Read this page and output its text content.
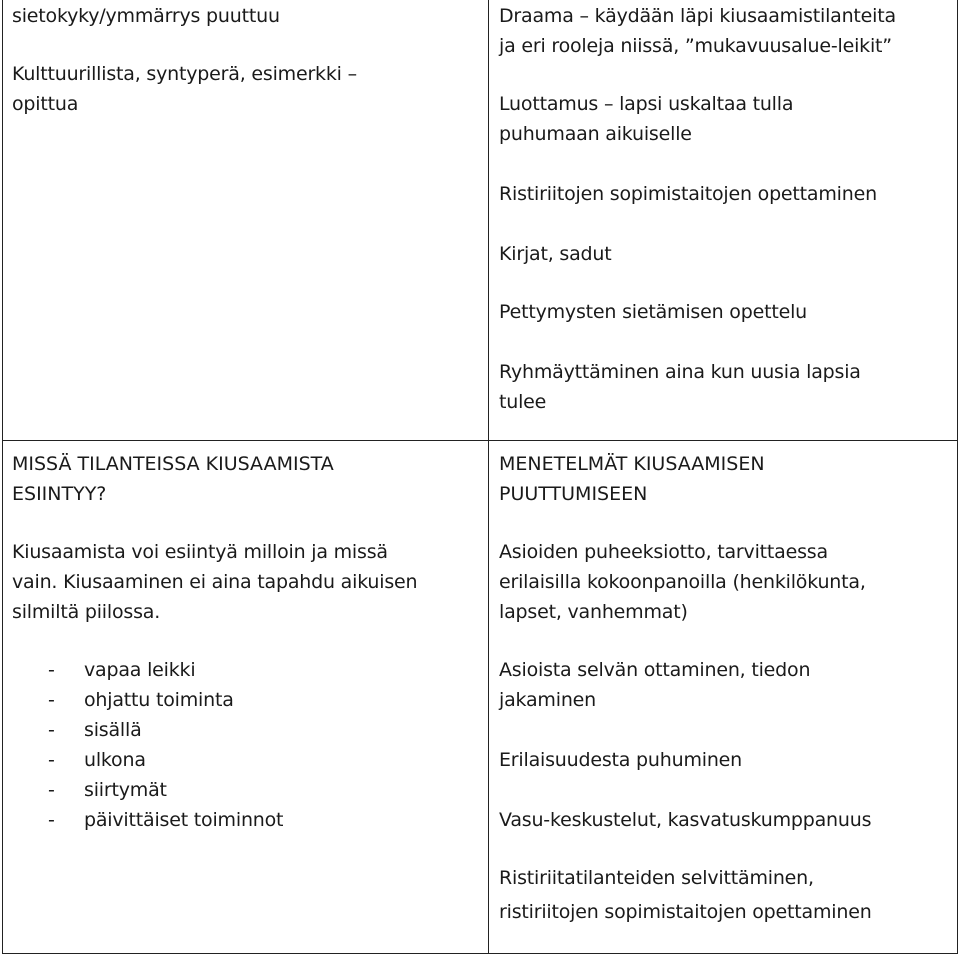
sietokyky/ymmärrys puuttuu
Kulttuurillista, syntyperä, esimerkki –
opittua
Draama – käydään läpi kiusaamistilanteita
ja eri rooleja niissä, ”mukavuusalue-leikit”
Luottamus – lapsi uskaltaa tulla
puhumaan aikuiselle
Ristiriitojen sopimistaitojen opettaminen
Kirjat, sadut
Pettymysten sietämisen opettelu
Ryhmäyttäminen aina kun uusia lapsia
tulee
MISSÄ TILANTEISSA KIUSAAMISTA
ESIINTYY?
Kiusaamista voi esiintyä milloin ja missä
vain. Kiusaaminen ei aina tapahdu aikuisen
silmiltä piilossa.
- vapaa leikki
- ohjattu toiminta
- sisällä
- ulkona
- siirtymät
- päivittäiset toiminnot
MENETELMÄT KIUSAAMISEN
PUUTTUMISEEN
Asioiden puheeksiotto, tarvittaessa
erilaisilla kokoonpanoilla (henkilökunta,
lapset, vanhemmat)
Asioista selvän ottaminen, tiedon
jakaminen
Erilaisuudesta puhuminen
Vasu-keskustelut, kasvatuskumppanuus
Ristiriitatilanteiden selvittäminen,
ristiriitojen sopimistaitojen opettaminen
